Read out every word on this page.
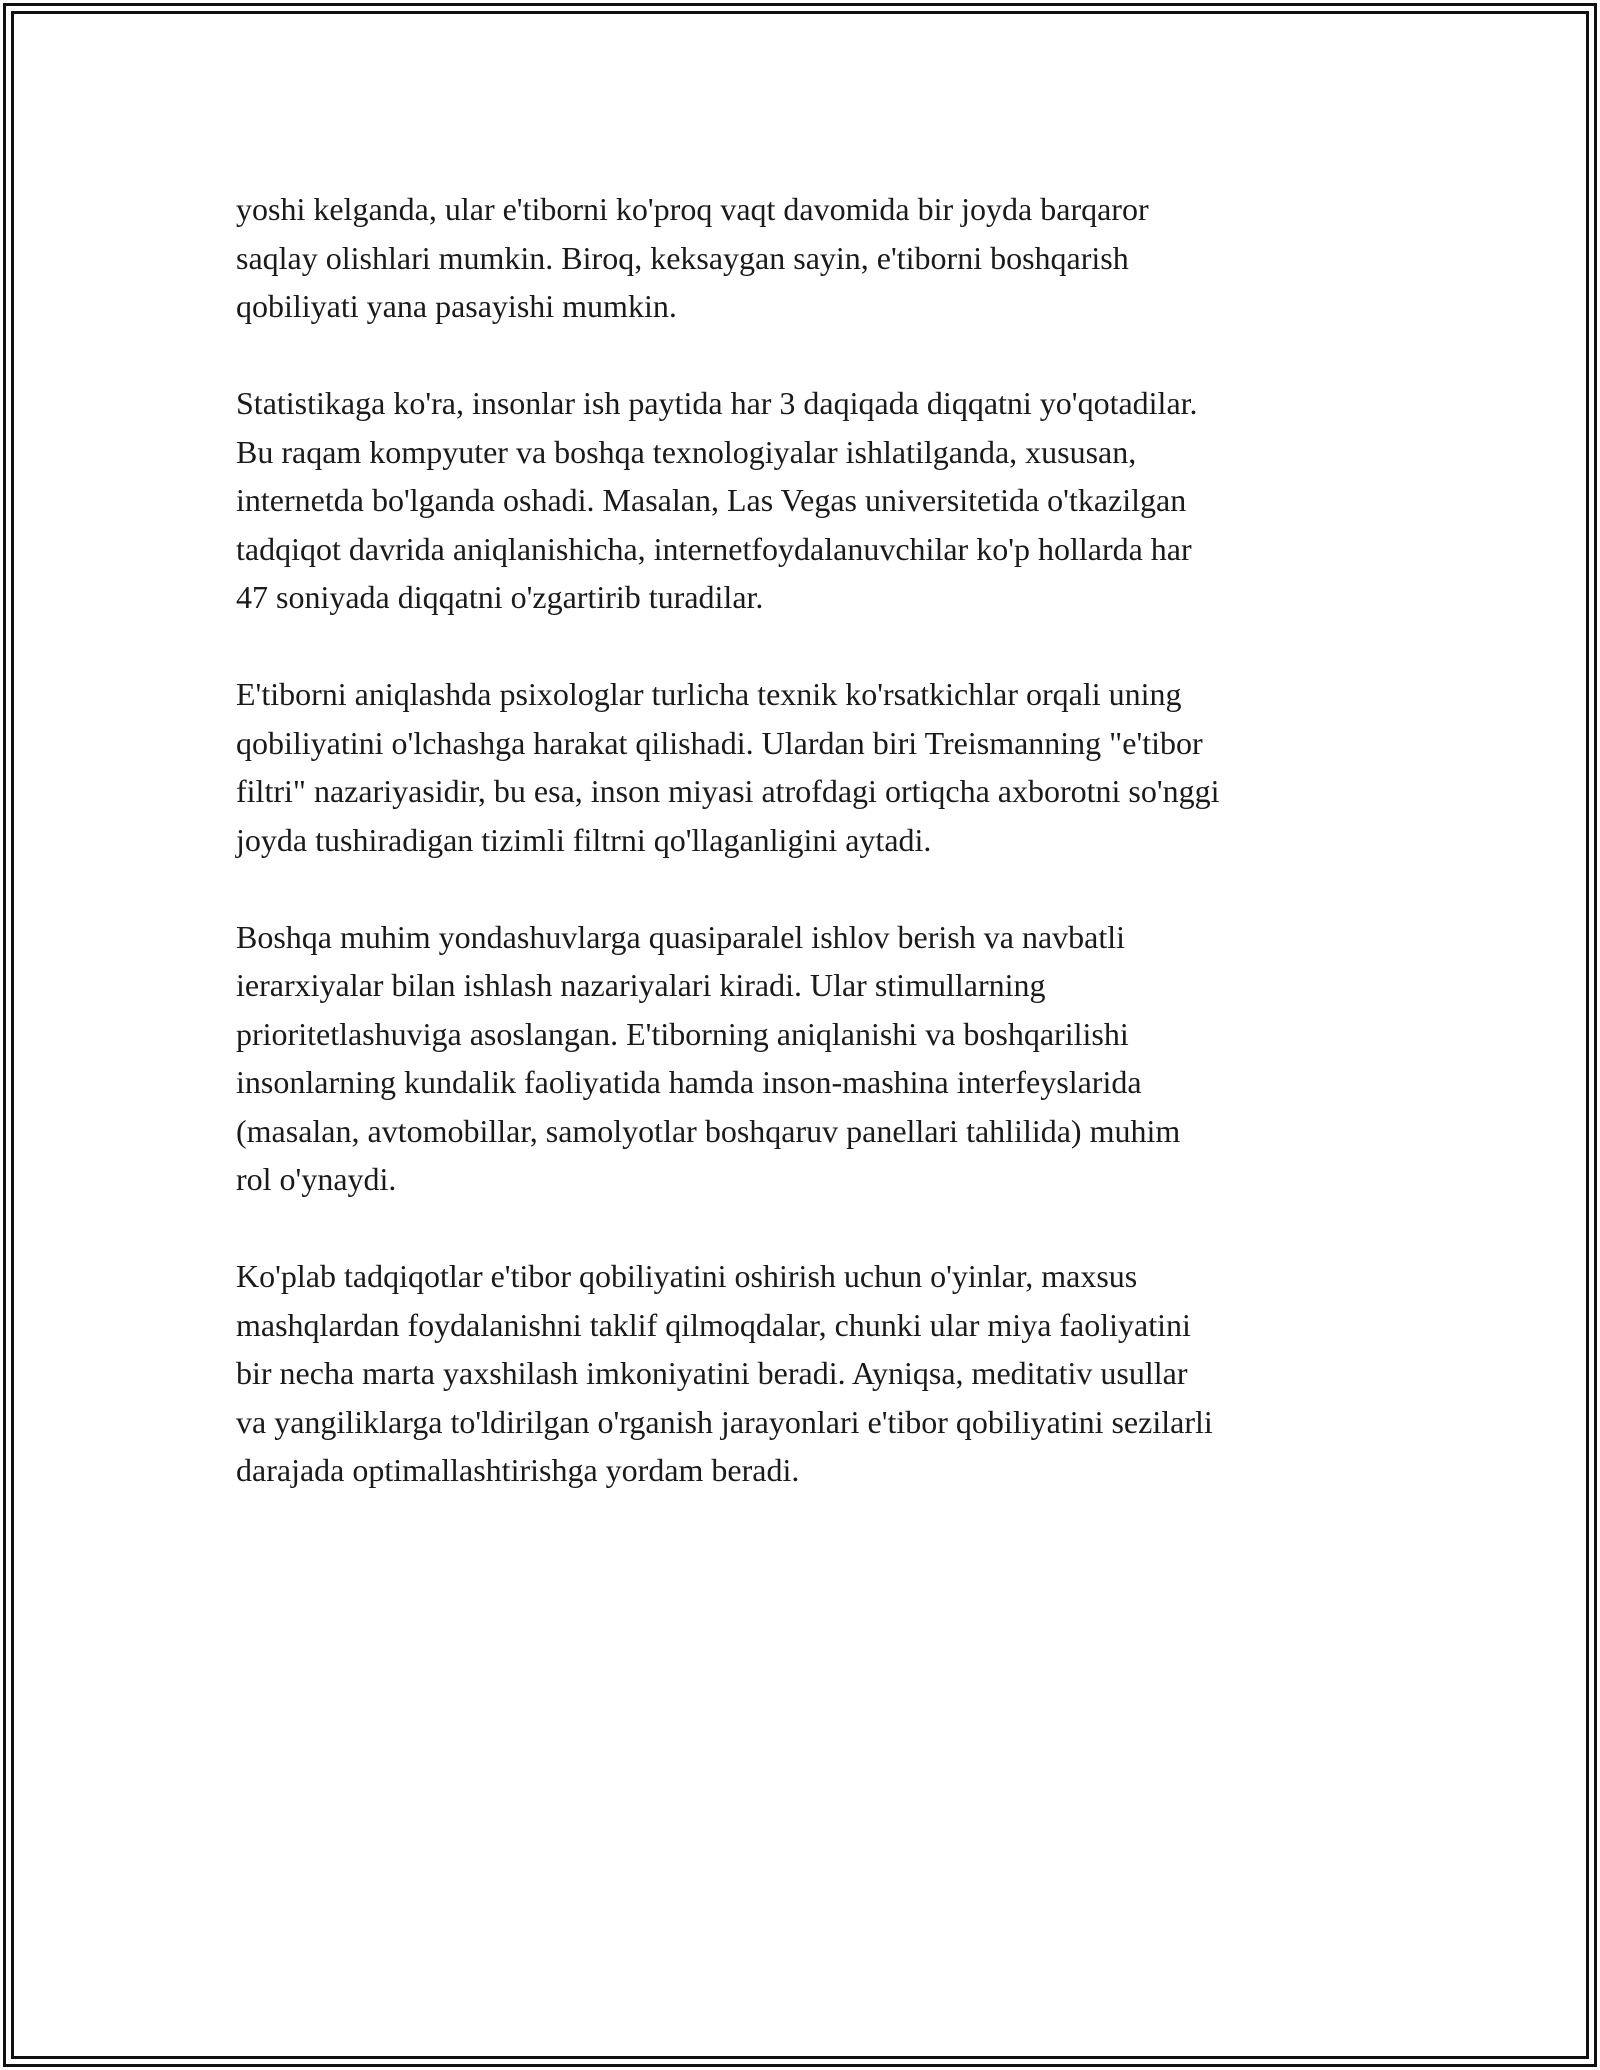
yoshi kelganda, ular e'tiborni ko'proq vaqt davomida bir joyda barqaror
saqlay olishlari mumkin. Biroq, keksaygan sayin, e'tiborni boshqarish
qobiliyati yana pasayishi mumkin.

Statistikaga ko'ra, insonlar ish paytida har 3 daqiqada diqqatni yo'qotadilar.
Bu raqam kompyuter va boshqa texnologiyalar ishlatilganda, xususan,
internetda bo'lganda oshadi. Masalan, Las Vegas universitetida o'tkazilgan
tadqiqot davrida aniqlanishicha, internetfoydalanuvchilar ko'p hollarda har
47 soniyada diqqatni o'zgartirib turadilar.

E'tiborni aniqlashda psixologlar turlicha texnik ko'rsatkichlar orqali uning
qobiliyatini o'lchashga harakat qilishadi. Ulardan biri Treismanning "e'tibor
filtri" nazariyasidir, bu esa, inson miyasi atrofdagi ortiqcha axborotni so'nggi
joyda tushiradigan tizimli filtrni qo'llaganligini aytadi.

Boshqa muhim yondashuvlarga quasiparalel ishlov berish va navbatli
ierarxiyalar bilan ishlash nazariyalari kiradi. Ular stimullarning
prioritetlashuviga asoslangan. E'tiborning aniqlanishi va boshqarilishi
insonlarning kundalik faoliyatida hamda inson-mashina interfeyslarida
(masalan, avtomobillar, samolyotlar boshqaruv panellari tahlilida) muhim
rol o'ynaydi.

Ko'plab tadqiqotlar e'tibor qobiliyatini oshirish uchun o'yinlar, maxsus
mashqlardan foydalanishni taklif qilmoqdalar, chunki ular miya faoliyatini
bir necha marta yaxshilash imkoniyatini beradi. Ayniqsa, meditativ usullar
va yangiliklarga to'ldirilgan o'rganish jarayonlari e'tibor qobiliyatini sezilarli
darajada optimallashtirishga yordam beradi.
